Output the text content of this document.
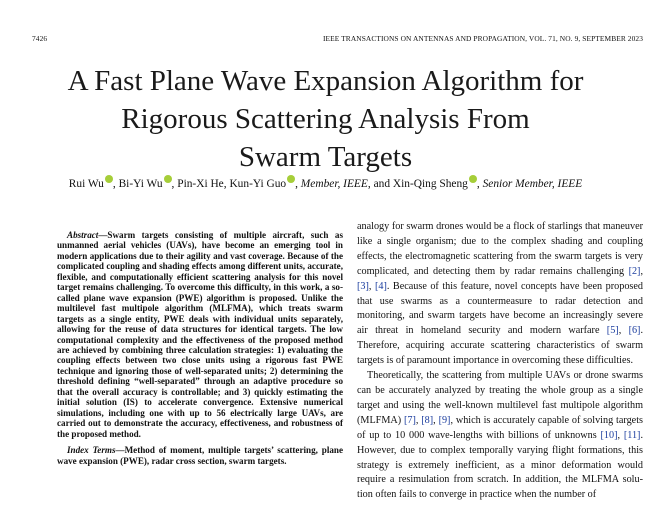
7426	IEEE TRANSACTIONS ON ANTENNAS AND PROPAGATION, VOL. 71, NO. 9, SEPTEMBER 2023
A Fast Plane Wave Expansion Algorithm for
Rigorous Scattering Analysis From
Swarm Targets
Rui Wu , Bi-Yi Wu , Pin-Xi He, Kun-Yi Guo , Member, IEEE, and Xin-Qing Sheng , Senior Member, IEEE

Abstract—Swarm targets consisting of multiple aircraft, such as unmanned aerial vehicles (UAVs), have become an emerging tool in modern applications due to their agility and vast coverage. Because of the complicated coupling and shading effects among different units, accurate, flexible, and computationally efficient scattering analysis for this novel target remains challenging. To overcome this difficulty, in this work, a so-called plane wave expansion (PWE) algorithm is proposed. Unlike the multilevel fast multipole algorithm (MLFMA), which treats swarm targets as a single entity, PWE deals with individual units separately, allowing for the reuse of data structures for identical targets. The low computational complexity and the effectiveness of the proposed method are achieved by combining three calculation strategies: 1) evaluating the coupling effects between two close units using a rigorous fast PWE technique and ignoring those of well-separated units; 2) determining the threshold defining “well-separated” through an adaptive procedure so that the overall accuracy is controllable; and 3) quickly estimating the initial solution (IS) to accelerate convergence. Extensive numerical simulations, including one with up to 56 electrically large UAVs, are carried out to demonstrate the accuracy, effectiveness, and robustness of the proposed method.

Index Terms—Method of moment, multiple targets’ scattering, plane wave expansion (PWE), radar cross section, swarm targets.

analogy for swarm drones would be a flock of starlings that maneuver like a single organism; due to the complex shading and coupling effects, the electromagnetic scattering from the swarm targets is very complicated, and detecting them by radar remains challenging [2], [3], [4]. Because of this feature, novel concepts have been proposed that use swarms as a countermeasure to radar detection and monitoring, and swarm targets have become an increasingly severe air threat in homeland security and modern warfare [5], [6]. Therefore, acquiring accurate scattering characteristics of swarm targets is of paramount importance in overcoming these difficulties.

Theoretically, the scattering from multiple UAVs or drone swarms can be accurately analyzed by treating the whole group as a single target and using the well-known multilevel fast multipole algorithm (MLFMA) [7], [8], [9], which is accurately capable of solving targets of up to 10 000 wave-lengths with billions of unknowns [10], [11]. However, due to complex temporally varying flight formations, this strategy is extremely inefficient, as a minor deformation would require a resimulation from scratch. In addition, the MLFMA solu-tion often fails to converge in practice when the number of
